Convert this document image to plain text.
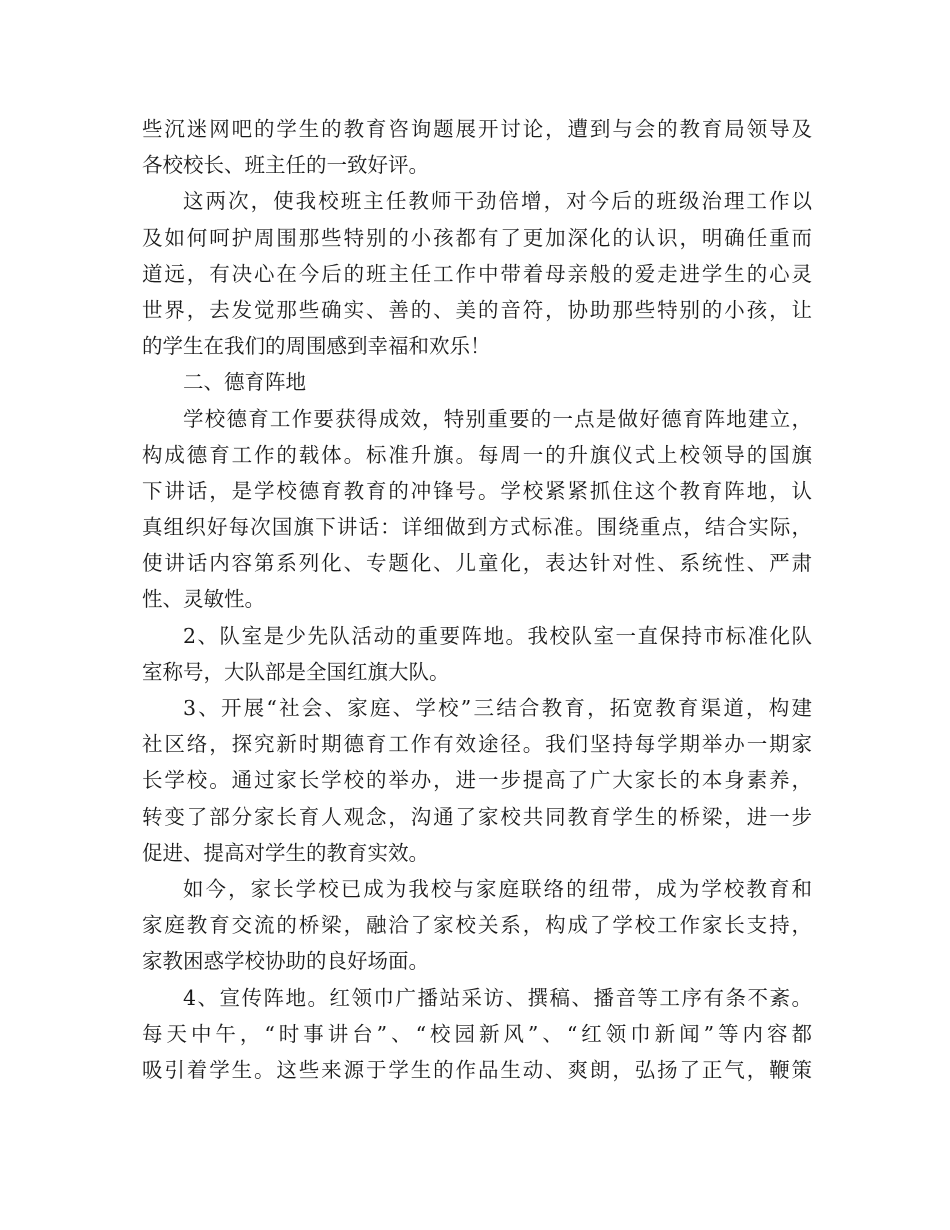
些沉迷网吧的学生的教育咨询题展开讨论，遭到与会的教育局领导及
各校校长、班主任的一致好评。
这两次，使我校班主任教师干劲倍增，对今后的班级治理工作以
及如何呵护周围那些特别的小孩都有了更加深化的认识，明确任重而
道远，有决心在今后的班主任工作中带着母亲般的爱走进学生的心灵
世界，去发觉那些确实、善的、美的音符，协助那些特别的小孩，让
的学生在我们的周围感到幸福和欢乐！
二、德育阵地
学校德育工作要获得成效，特别重要的一点是做好德育阵地建立，
构成德育工作的载体。标准升旗。每周一的升旗仪式上校领导的国旗
下讲话，是学校德育教育的冲锋号。学校紧紧抓住这个教育阵地，认
真组织好每次国旗下讲话：详细做到方式标准。围绕重点，结合实际，
使讲话内容第系列化、专题化、儿童化，表达针对性、系统性、严肃
性、灵敏性。
2、队室是少先队活动的重要阵地。我校队室一直保持市标准化队
室称号，大队部是全国红旗大队。
3、开展“社会、家庭、学校”三结合教育，拓宽教育渠道，构建
社区络，探究新时期德育工作有效途径。我们坚持每学期举办一期家
长学校。通过家长学校的举办，进一步提高了广大家长的本身素养，
转变了部分家长育人观念，沟通了家校共同教育学生的桥梁，进一步
促进、提高对学生的教育实效。
如今，家长学校已成为我校与家庭联络的纽带，成为学校教育和
家庭教育交流的桥梁，融洽了家校关系，构成了学校工作家长支持，
家教困惑学校协助的良好场面。
4、宣传阵地。红领巾广播站采访、撰稿、播音等工序有条不紊。
每天中午，“时事讲台”、“校园新风”、“红领巾新闻”等内容都
吸引着学生。这些来源于学生的作品生动、爽朗，弘扬了正气，鞭策
